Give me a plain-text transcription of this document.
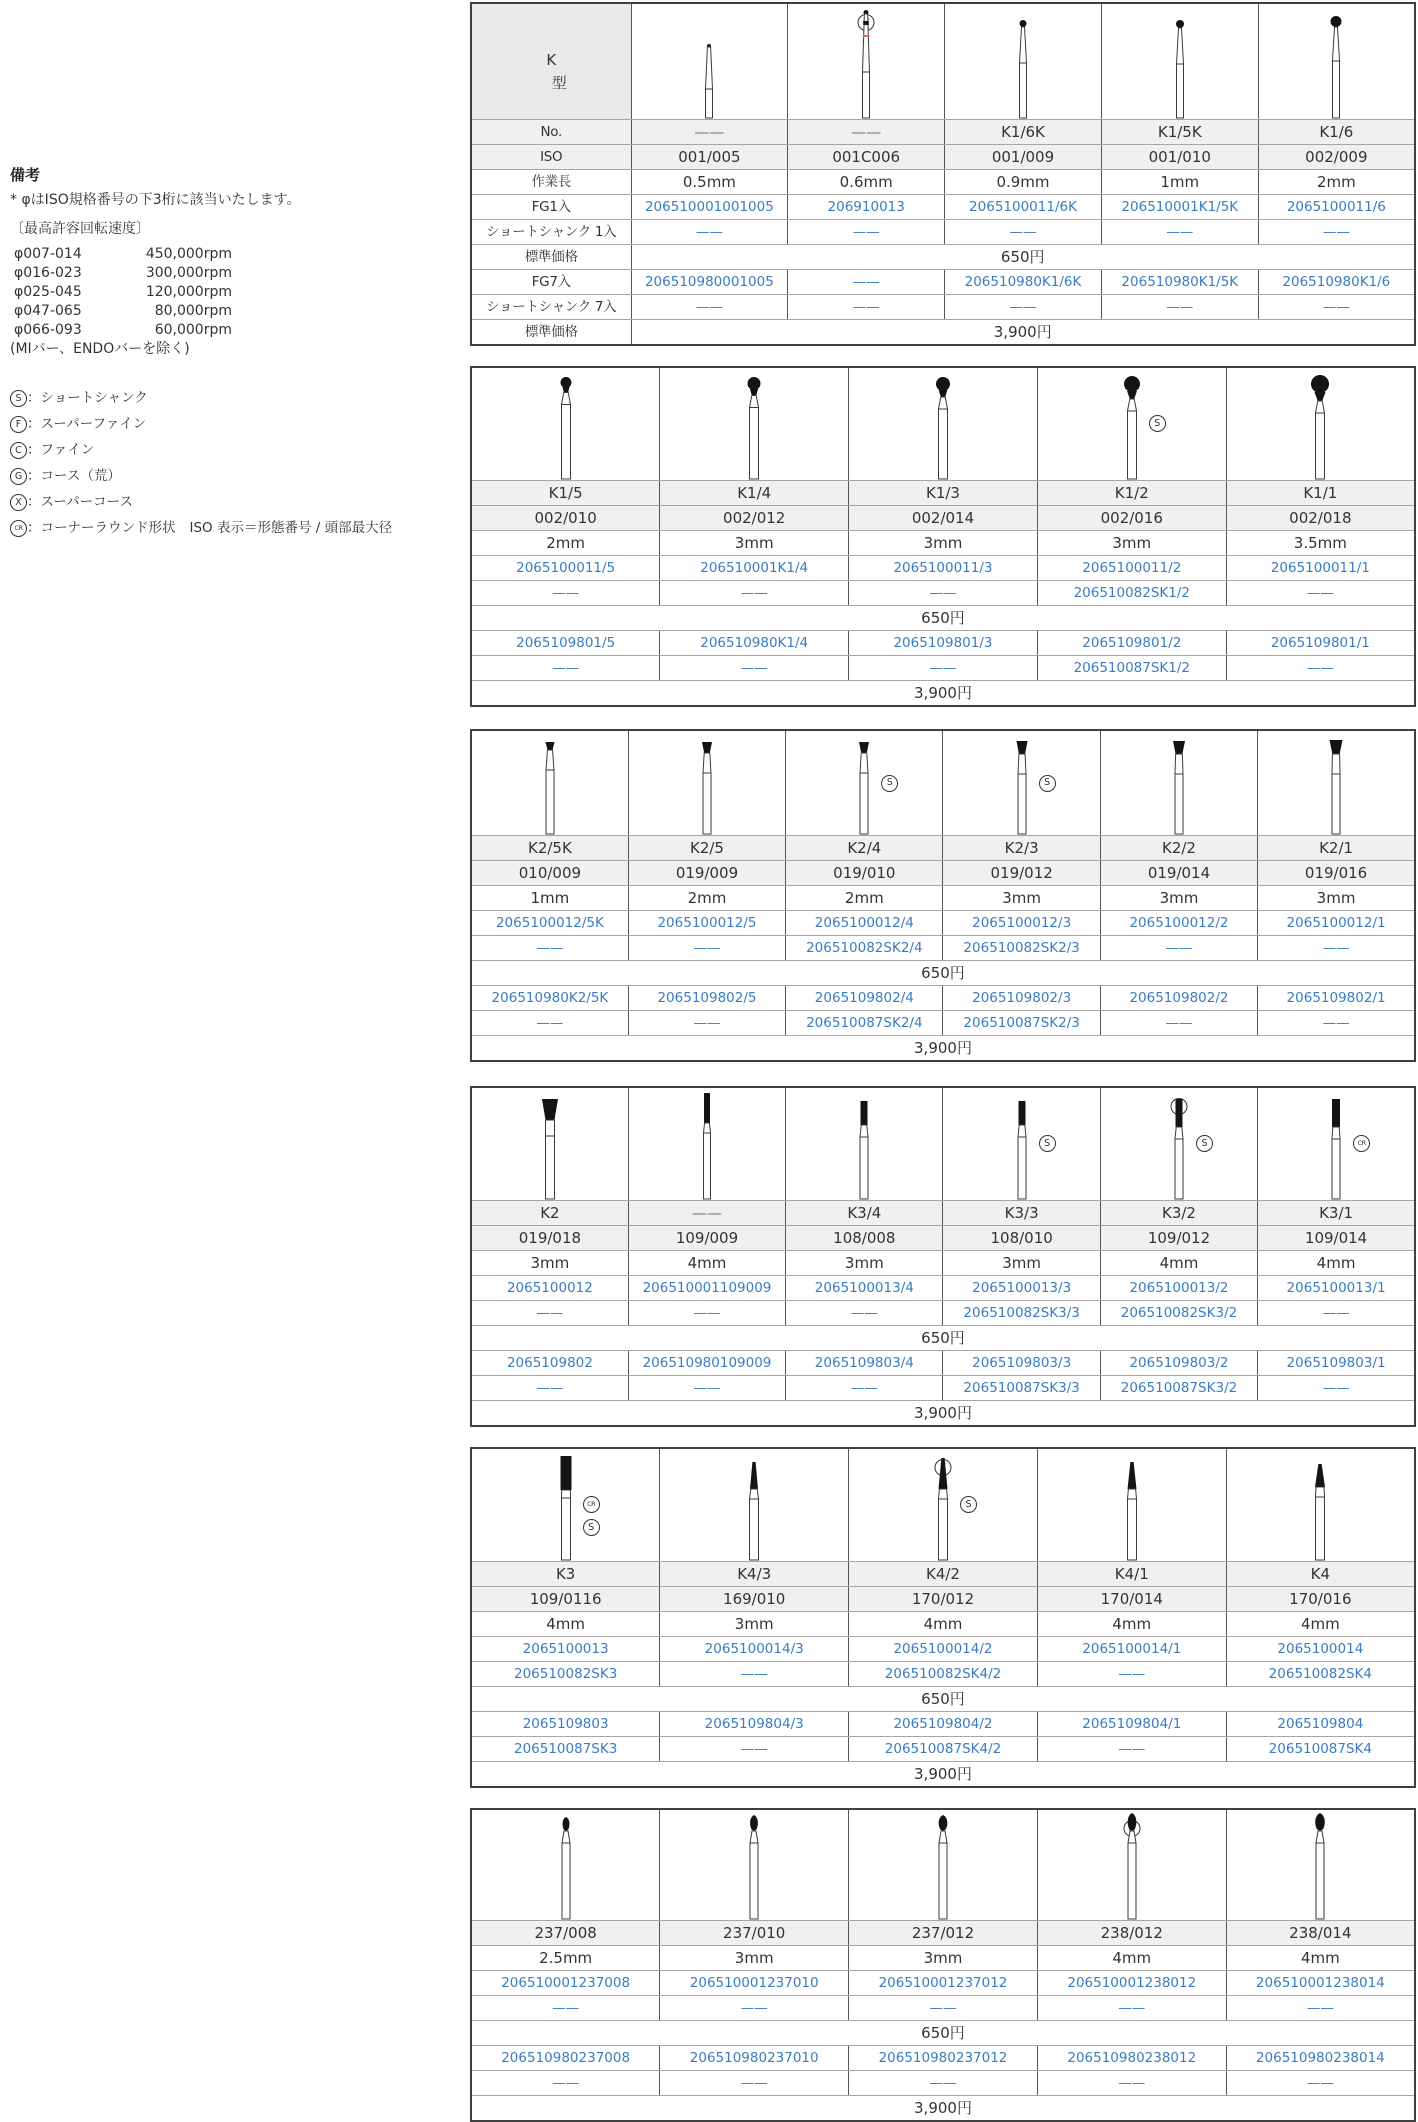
備考

* φはISO規格番号の下3桁に該当いたします。

〔最高許容回転速度〕

φ007-014	450,000rpm
φ016-023	300,000rpm
φ025-045	120,000rpm
φ047-065	80,000rpm
φ066-093	60,000rpm

(MIバー、ENDOバーを除く)

S ： ショートシャンク
F ： スーパーファイン
C ： ファイン
G ： コース（荒）
X ： スーパーコース
CR ： コーナーラウンド形状 ISO 表示＝形態番号 / 頭部最大径
K
型

No.	——	——	K1/6K	K1/5K	K1/6
ISO	001/005	001C006	001/009	001/010	002/009
作業長	0.5mm	0.6mm	0.9mm	1mm	2mm
FG1入	206510001001005	206910013	2065100011/6K	206510001K1/5K	2065100011/6
ショートシャンク 1入	——	——	——	——	——
標準価格	650円				
FG7入	206510980001005	——	206510980K1/6K	206510980K1/5K	206510980K1/6
ショートシャンク 7入	——	——	——	——	——
標準価格	3,900円				

S

K1/5	K1/4	K1/3	K1/2	K1/1
002/010	002/012	002/014	002/016	002/018
2mm	3mm	3mm	3mm	3.5mm
2065100011/5	206510001K1/4	2065100011/3	2065100011/2	2065100011/1
——	——	——	206510082SK1/2	——
650円				
2065109801/5	206510980K1/4	2065109801/3	2065109801/2	2065109801/1
——	——	——	206510087SK1/2	——
3,900円				

S	S

K2/5K	K2/5	K2/4	K2/3	K2/2	K2/1
010/009	019/009	019/010	019/012	019/014	019/016
1mm	2mm	2mm	3mm	3mm	3mm
2065100012/5K	2065100012/5	2065100012/4	2065100012/3	2065100012/2	2065100012/1
——	——	206510082SK2/4	206510082SK2/3	——	——
650円					
206510980K2/5K	2065109802/5	2065109802/4	2065109802/3	2065109802/2	2065109802/1
——	——	206510087SK2/4	206510087SK2/3	——	——
3,900円					

S	S	CR

K2	——	K3/4	K3/3	K3/2	K3/1
019/018	109/009	108/008	108/010	109/012	109/014
3mm	4mm	3mm	3mm	4mm	4mm
2065100012	206510001109009	2065100013/4	2065100013/3	2065100013/2	2065100013/1
——	——	——	206510082SK3/3	206510082SK3/2	——
650円					
2065109802	206510980109009	2065109803/4	2065109803/3	2065109803/2	2065109803/1
——	——	——	206510087SK3/3	206510087SK3/2	——
3,900円					
CR
S		S

K3	K4/3	K4/2	K4/1	K4
109/0116	169/010	170/012	170/014	170/016
4mm	3mm	4mm	4mm	4mm
2065100013	2065100014/3	2065100014/2	2065100014/1	2065100014
206510082SK3	——	206510082SK4/2	——	206510082SK4
650円				
2065109803	2065109804/3	2065109804/2	2065109804/1	2065109804
206510087SK3	——	206510087SK4/2	——	206510087SK4
3,900円				

237/008	237/010	237/012	238/012	238/014
2.5mm	3mm	3mm	4mm	4mm
206510001237008	206510001237010	206510001237012	206510001238012	206510001238014
——	——	——	——	——
650円				
206510980237008	206510980237010	206510980237012	206510980238012	206510980238014
——	——	——	——	——
3,900円				
